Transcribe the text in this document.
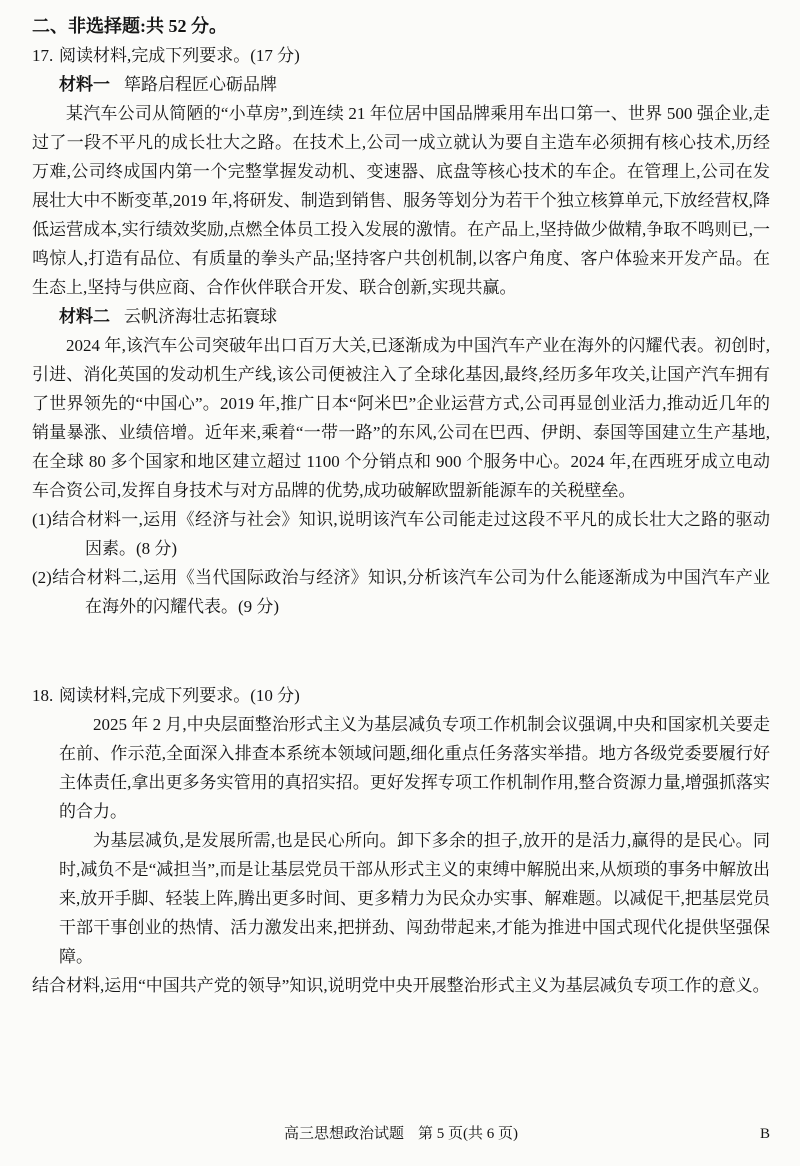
二、非选择题:共 52 分。

17. 阅读材料,完成下列要求。(17 分)

材料一 筚路启程匠心砺品牌

某汽车公司从简陋的“小草房”,到连续 21 年位居中国品牌乘用车出口第一、世界 500 强企业,走过了一段不平凡的成长壮大之路。在技术上,公司一成立就认为要自主造车必须拥有核心技术,历经万难,公司终成国内第一个完整掌握发动机、变速器、底盘等核心技术的车企。在管理上,公司在发展壮大中不断变革,2019 年,将研发、制造到销售、服务等划分为若干个独立核算单元,下放经营权,降低运营成本,实行绩效奖励,点燃全体员工投入发展的激情。在产品上,坚持做少做精,争取不鸣则已,一鸣惊人,打造有品位、有质量的拳头产品;坚持客户共创机制,以客户角度、客户体验来开发产品。在生态上,坚持与供应商、合作伙伴联合开发、联合创新,实现共赢。

材料二 云帆济海壮志拓寰球

2024 年,该汽车公司突破年出口百万大关,已逐渐成为中国汽车产业在海外的闪耀代表。初创时,引进、消化英国的发动机生产线,该公司便被注入了全球化基因,最终,经历多年攻关,让国产汽车拥有了世界领先的“中国心”。2019 年,推广日本“阿米巴”企业运营方式,公司再显创业活力,推动近几年的销量暴涨、业绩倍增。近年来,乘着“一带一路”的东风,公司在巴西、伊朗、泰国等国建立生产基地,在全球 80 多个国家和地区建立超过 1100 个分销点和 900 个服务中心。2024 年,在西班牙成立电动车合资公司,发挥自身技术与对方品牌的优势,成功破解欧盟新能源车的关税壁垒。

(1)结合材料一,运用《经济与社会》知识,说明该汽车公司能走过这段不平凡的成长壮大之路的驱动因素。(8 分)

(2)结合材料二,运用《当代国际政治与经济》知识,分析该汽车公司为什么能逐渐成为中国汽车产业在海外的闪耀代表。(9 分)

18. 阅读材料,完成下列要求。(10 分)

2025 年 2 月,中央层面整治形式主义为基层减负专项工作机制会议强调,中央和国家机关要走在前、作示范,全面深入排查本系统本领域问题,细化重点任务落实举措。地方各级党委要履行好主体责任,拿出更多务实管用的真招实招。更好发挥专项工作机制作用,整合资源力量,增强抓落实的合力。

为基层减负,是发展所需,也是民心所向。卸下多余的担子,放开的是活力,赢得的是民心。同时,减负不是“减担当”,而是让基层党员干部从形式主义的束缚中解脱出来,从烦琐的事务中解放出来,放开手脚、轻装上阵,腾出更多时间、更多精力为民众办实事、解难题。以减促干,把基层党员干部干事创业的热情、活力激发出来,把拼劲、闯劲带起来,才能为推进中国式现代化提供坚强保障。

结合材料,运用“中国共产党的领导”知识,说明党中央开展整治形式主义为基层减负专项工作的意义。

高三思想政治试题 第 5 页(共 6 页)	B
